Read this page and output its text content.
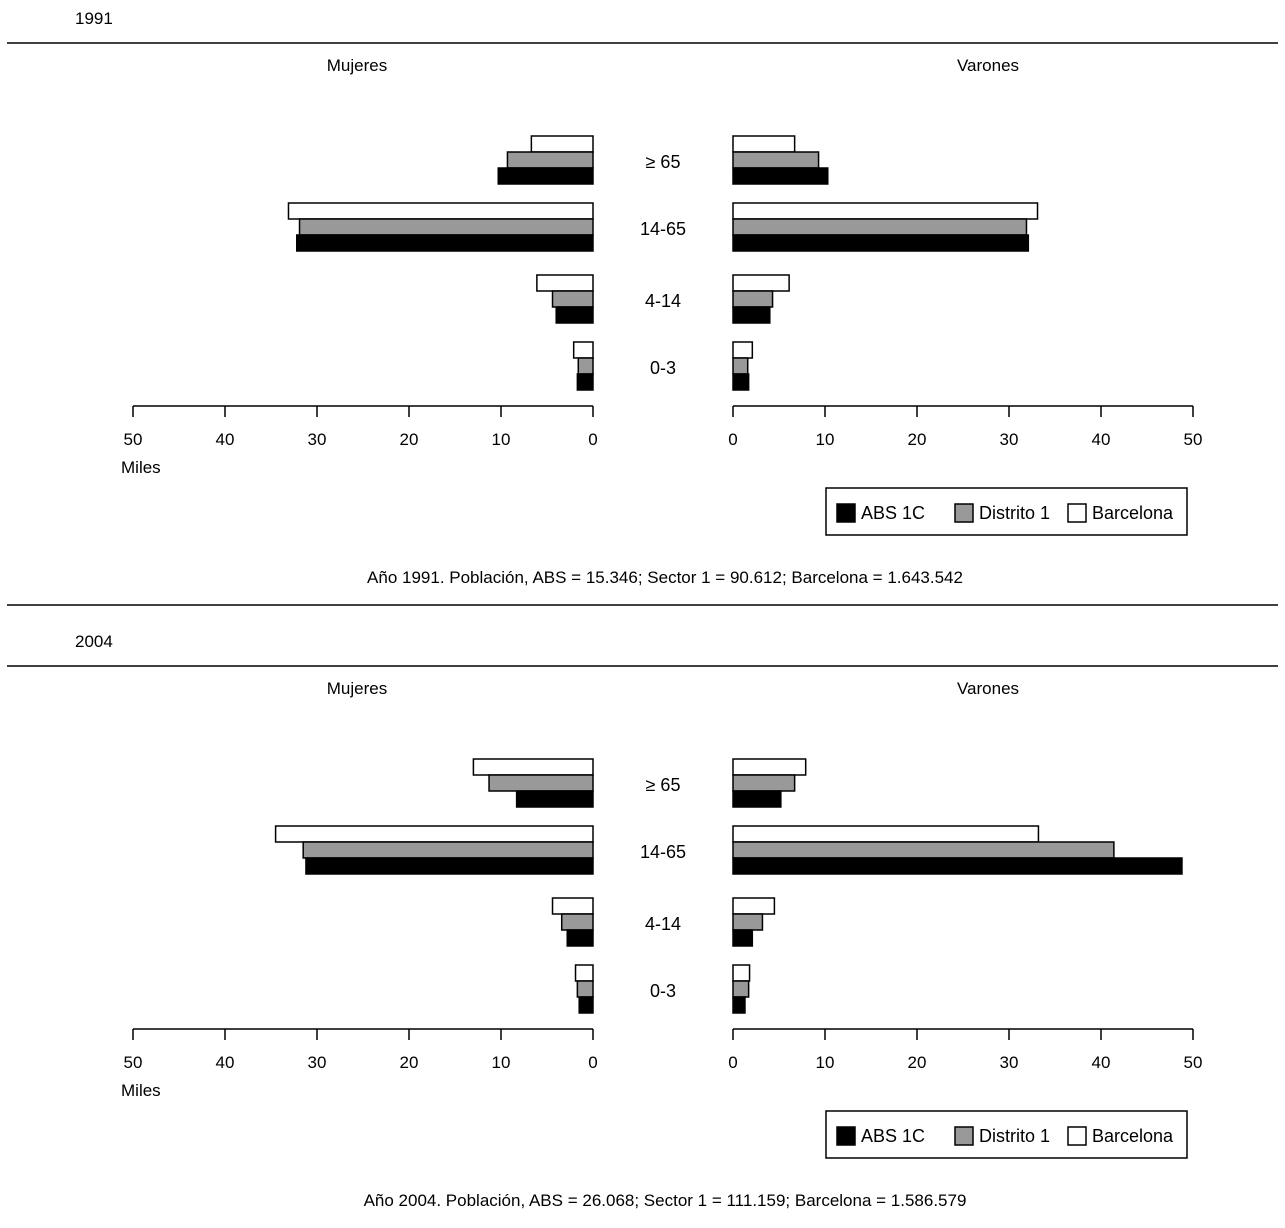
1991
Mujeres	Varones
≥ 65
14-65
4-14
0-3
50	0
40	10
30	20
20	30
10	40
0	50
Miles
ABS 1C	Distrito 1 Barcelona
Año 1991. Población, ABS = 15.346; Sector 1 = 90.612; Barcelona = 1.643.542
2004
Mujeres	Varones
≥ 65
14-65
4-14
0-3
50	0
40	10
30	20
20	30
10	40
0	50
Miles
ABS 1C	Distrito 1 Barcelona
Año 2004. Población, ABS = 26.068; Sector 1 = 111.159; Barcelona = 1.586.579
